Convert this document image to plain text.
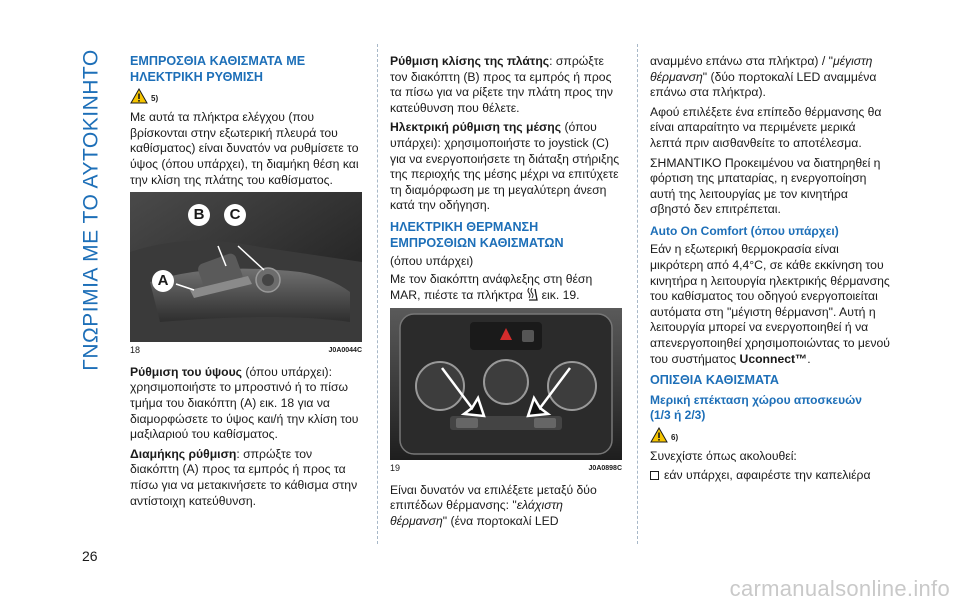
ΓΝΩΡΙΜΙΑ ΜΕ ΤΟ ΑΥΤΟΚΙΝΗΤΟ ΕΜΠΡΟΣΘΙΑ ΚΑΘΙΣΜΑΤΑ ΜΕ
ΗΛΕΚΤΡΙΚΗ ΡΥΘΜΙΣΗ
5)

Με αυτά τα πλήκτρα ελέγχου (που βρίσκονται στην εξωτερική πλευρά του καθίσματος) είναι δυνατόν να ρυθμίσετε το ύψος (όπου υπάρχει), τη διαμήκη θέση και την κλίση της πλάτης του καθίσματος.

B	C
A
18	J0A0044C

Ρύθμιση του ύψους (όπου υπάρχει): χρησιμοποιήστε το μπροστινό ή το πίσω τμήμα του διακόπτη (A) εικ. 18 για να διαμορφώσετε το ύψος και/ή την κλίση του μαξιλαριού του καθίσματος.

Διαμήκης ρύθμιση: σπρώξτε τον διακόπτη (A) προς τα εμπρός ή προς τα πίσω για να μετακινήσετε το κάθισμα στην αντίστοιχη κατεύθυνση.

Ρύθμιση κλίσης της πλάτης: σπρώξτε τον διακόπτη (B) προς τα εμπρός ή προς τα πίσω για να ρίξετε την πλάτη προς την κατεύθυνση που θέλετε.

Ηλεκτρική ρύθμιση της μέσης (όπου υπάρχει): χρησιμοποιήστε το joystick (C) για να ενεργοποιήσετε τη διάταξη στήριξης της περιοχής της μέσης μέχρι να επιτύχετε τη διαμόρφωση με τη μεγαλύτερη άνεση κατά την οδήγηση.

ΗΛΕΚΤΡΙΚΗ ΘΕΡΜΑΝΣΗ
ΕΜΠΡΟΣΘΙΩΝ ΚΑΘΙΣΜΑΤΩΝ

(όπου υπάρχει)

Με τον διακόπτη ανάφλεξης στη θέση MAR, πιέστε τα πλήκτρα εικ. 19.

19	J0A0898C

Είναι δυνατόν να επιλέξετε μεταξύ δύο επιπέδων θέρμανσης: "ελάχιστη θέρμανση" (ένα πορτοκαλί LED

αναμμένο επάνω στα πλήκτρα) / "μέγιστη θέρμανση" (δύο πορτοκαλί LED αναμμένα επάνω στα πλήκτρα).

Αφού επιλέξετε ένα επίπεδο θέρμανσης θα είναι απαραίτητο να περιμένετε μερικά λεπτά πριν αισθανθείτε το αποτέλεσμα.

ΣΗΜΑΝΤΙΚΟ Προκειμένου να διατηρηθεί η φόρτιση της μπαταρίας, η ενεργοποίηση αυτή της λειτουργίας με τον κινητήρα σβηστό δεν επιτρέπεται.

Auto On Comfort (όπου υπάρχει)

Εάν η εξωτερική θερμοκρασία είναι μικρότερη από 4,4°C, σε κάθε εκκίνηση του κινητήρα η λειτουργία ηλεκτρικής θέρμανσης του καθίσματος του οδηγού ενεργοποιείται αυτόματα στη "μέγιστη θέρμανση". Αυτή η λειτουργία μπορεί να ενεργοποιηθεί ή να απενεργοποιηθεί χρησιμοποιώντας το μενού του συστήματος Uconnect™.

ΟΠΙΣΘΙΑ ΚΑΘΙΣΜΑΤΑ
Μερική επέκταση χώρου αποσκευών
(1/3 ή 2/3)
6)

Συνεχίστε όπως ακολουθεί:

εάν υπάρχει, αφαιρέστε την καπελιέρα
26
carmanualsonline.info
